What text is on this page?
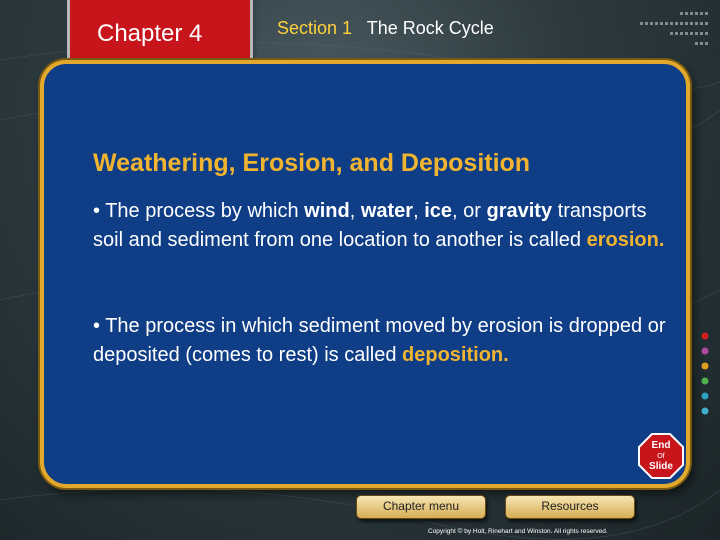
Chapter 4	Section 1 The Rock Cycle
Weathering, Erosion, and Deposition
• The process by which wind, water, ice, or gravity transports soil and sediment from one location to another is called erosion.
• The process in which sediment moved by erosion is dropped or deposited (comes to rest) is called deposition.
End
Of
Slide
Chapter menu	Resources
Copyright © by Holt, Rinehart and Winston. All rights reserved.
